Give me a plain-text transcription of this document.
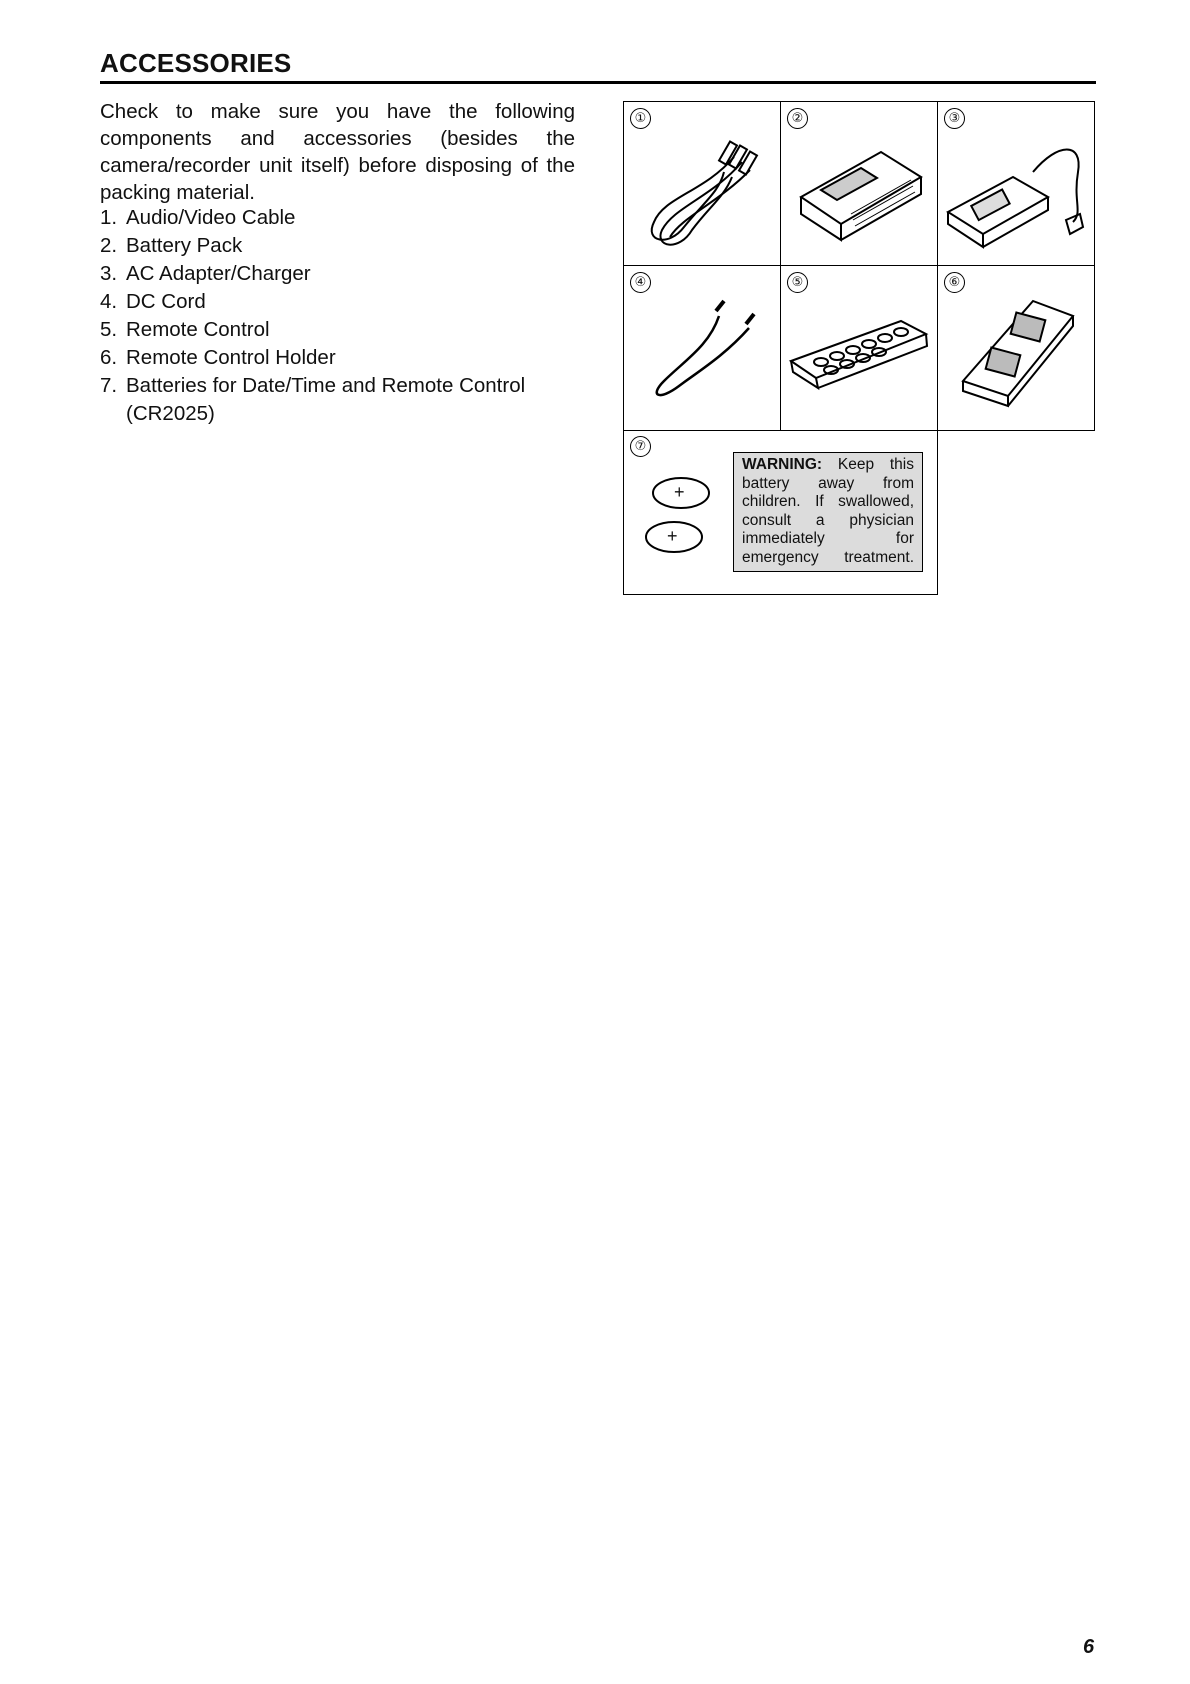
ACCESSORIES

Check to make sure you have the following components and accessories (besides the camera/recorder unit itself) before disposing of the packing material.

1. Audio/Video Cable
2. Battery Pack
3. AC Adapter/Charger
4. DC Cord
5. Remote Control
6. Remote Control Holder
7. Batteries for Date/Time and Remote Control (CR2025)
①	②	③
④	⑤	⑥
⑦
+
+
WARNING: Keep this battery away from children. If swallowed, consult a physician immediately for emergency treatment.
6
